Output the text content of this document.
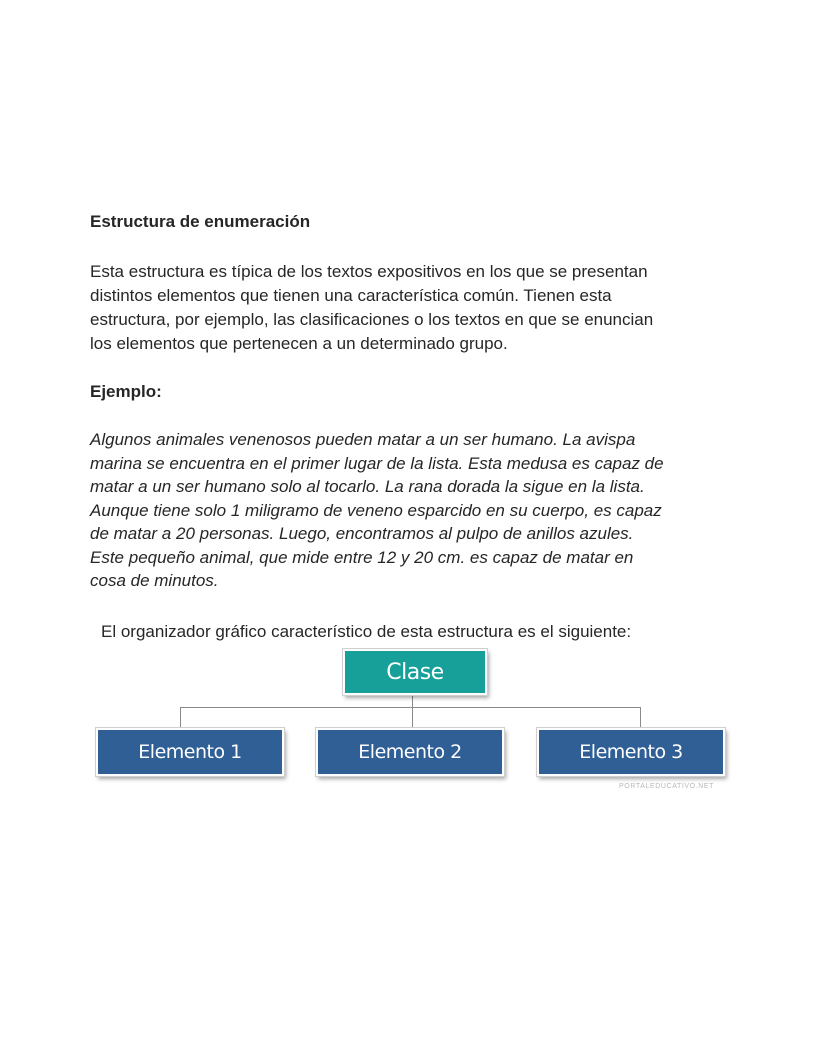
Estructura de enumeración
Esta estructura es típica de los textos expositivos en los que se presentan
distintos elementos que tienen una característica común. Tienen esta
estructura, por ejemplo, las clasificaciones o los textos en que se enuncian
los elementos que pertenecen a un determinado grupo.
Ejemplo:
Algunos animales venenosos pueden matar a un ser humano. La avispa
marina se encuentra en el primer lugar de la lista. Esta medusa es capaz de
matar a un ser humano solo al tocarlo. La rana dorada la sigue en la lista.
Aunque tiene solo 1 miligramo de veneno esparcido en su cuerpo, es capaz
de matar a 20 personas. Luego, encontramos al pulpo de anillos azules.
Este pequeño animal, que mide entre 12 y 20 cm. es capaz de matar en
cosa de minutos.
El organizador gráfico característico de esta estructura es el siguiente:
Clase
Elemento 1	Elemento 2	Elemento 3
PORTALEDUCATIVO.NET
